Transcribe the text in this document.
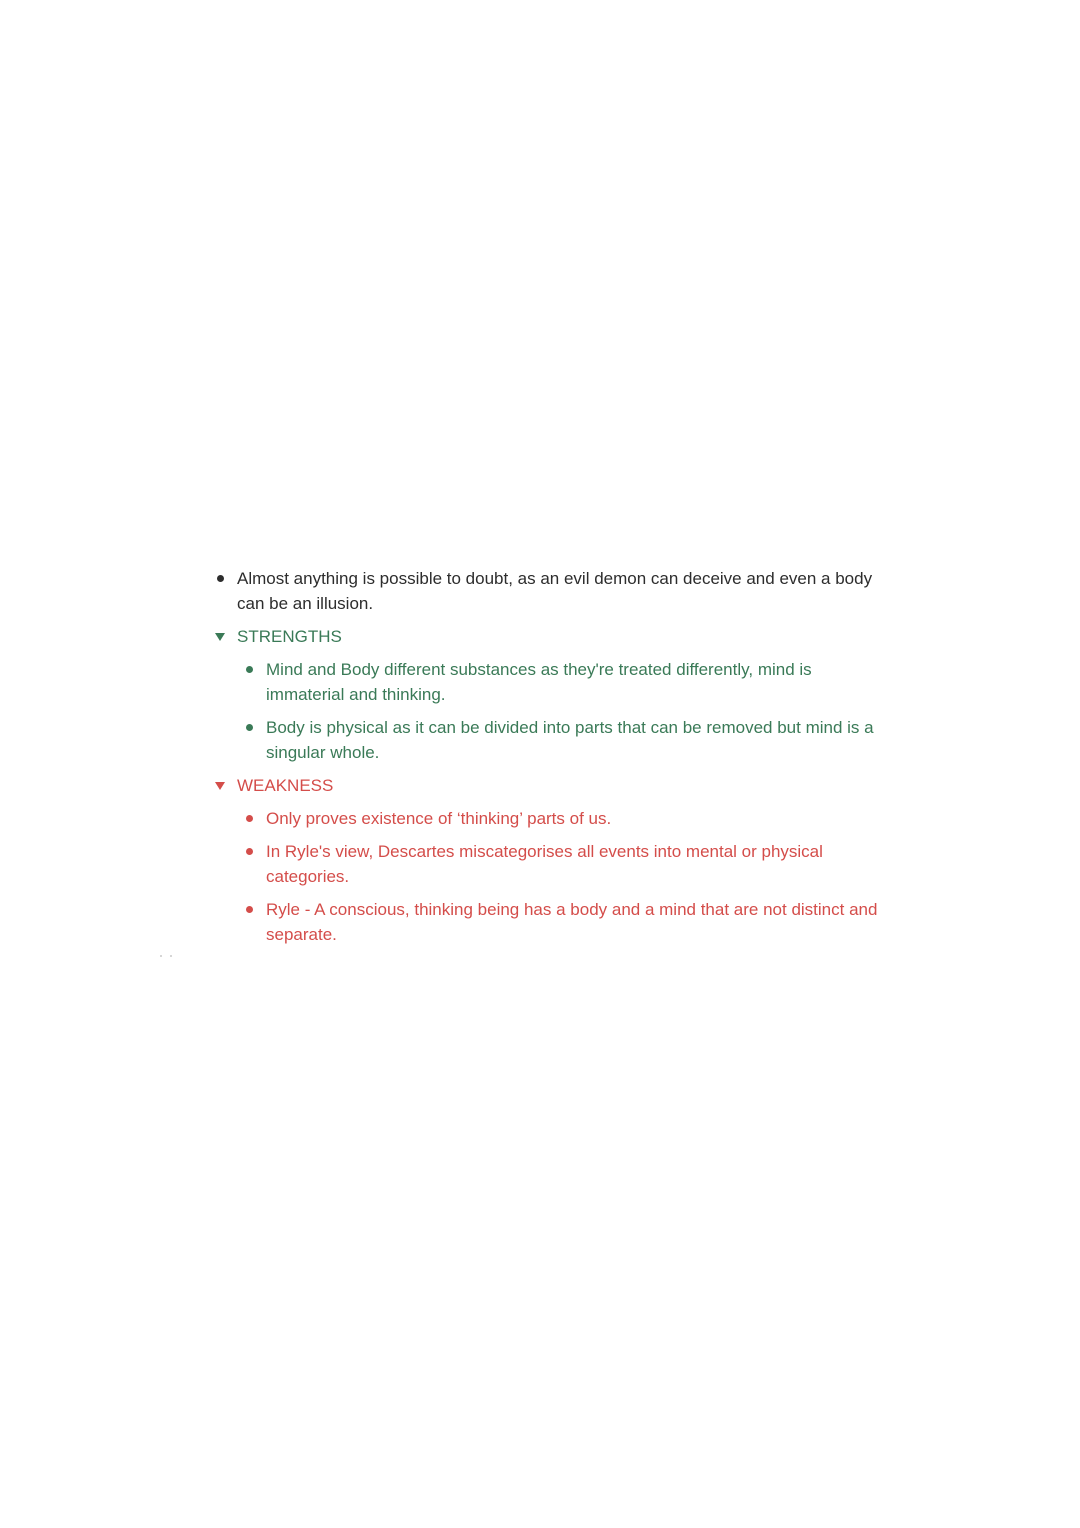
Almost anything is possible to doubt, as an evil demon can deceive and even a body can be an illusion.
STRENGTHS
Mind and Body different substances as they're treated differently, mind is immaterial and thinking.
Body is physical as it can be divided into parts that can be removed but mind is a singular whole.
WEAKNESS
Only proves existence of ‘thinking’ parts of us.
In Ryle's view, Descartes miscategorises all events into mental or physical categories.
Ryle - A conscious, thinking being has a body and a mind that are not distinct and separate.
